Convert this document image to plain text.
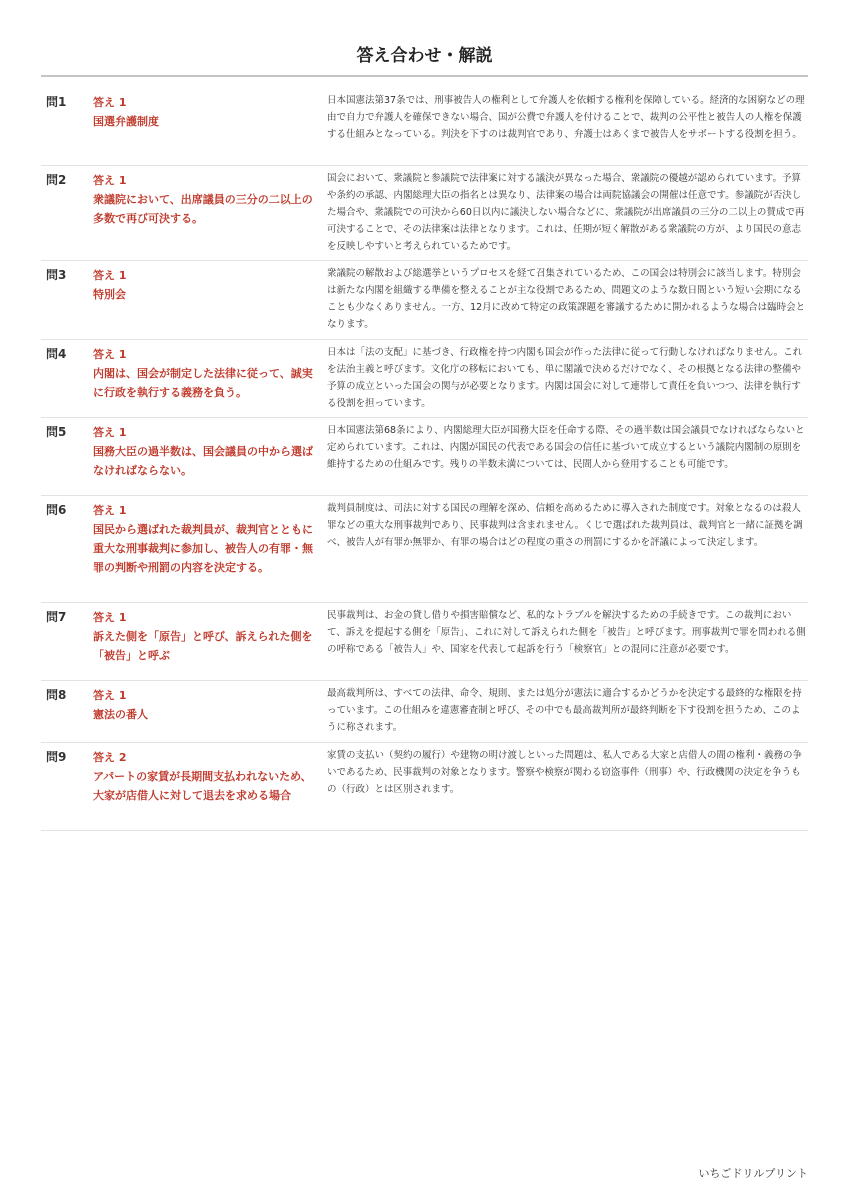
答え合わせ・解説
問1	答え 1
国選弁護制度
日本国憲法第37条では、刑事被告人の権利として弁護人を依頼する権利を保障している。経済的な困窮などの理由で自力で弁護人を確保できない場合、国が公費で弁護人を付けることで、裁判の公平性と被告人の人権を保護する仕組みとなっている。判決を下すのは裁判官であり、弁護士はあくまで被告人をサポートする役割を担う。
問2	答え 1
衆議院において、出席議員の三分の二以上の多数で再び可決する。
国会において、衆議院と参議院で法律案に対する議決が異なった場合、衆議院の優越が認められています。予算や条約の承認、内閣総理大臣の指名とは異なり、法律案の場合は両院協議会の開催は任意です。参議院が否決した場合や、衆議院での可決から60日以内に議決しない場合などに、衆議院が出席議員の三分の二以上の賛成で再可決することで、その法律案は法律となります。これは、任期が短く解散がある衆議院の方が、より国民の意志を反映しやすいと考えられているためです。
問3	答え 1
特別会
衆議院の解散および総選挙というプロセスを経て召集されているため、この国会は特別会に該当します。特別会は新たな内閣を組織する準備を整えることが主な役割であるため、問題文のような数日間という短い会期になることも少なくありません。一方、12月に改めて特定の政策課題を審議するために開かれるような場合は臨時会となります。
問4	答え 1
内閣は、国会が制定した法律に従って、誠実に行政を執行する義務を負う。
日本は「法の支配」に基づき、行政権を持つ内閣も国会が作った法律に従って行動しなければなりません。これを法治主義と呼びます。文化庁の移転においても、単に閣議で決めるだけでなく、その根拠となる法律の整備や予算の成立といった国会の関与が必要となります。内閣は国会に対して連帯して責任を負いつつ、法律を執行する役割を担っています。
問5	答え 1
国務大臣の過半数は、国会議員の中から選ばなければならない。
日本国憲法第68条により、内閣総理大臣が国務大臣を任命する際、その過半数は国会議員でなければならないと定められています。これは、内閣が国民の代表である国会の信任に基づいて成立するという議院内閣制の原則を維持するための仕組みです。残りの半数未満については、民間人から登用することも可能です。
問6	答え 1
国民から選ばれた裁判員が、裁判官とともに重大な刑事裁判に参加し、被告人の有罪・無罪の判断や刑罰の内容を決定する。
裁判員制度は、司法に対する国民の理解を深め、信頼を高めるために導入された制度です。対象となるのは殺人罪などの重大な刑事裁判であり、民事裁判は含まれません。くじで選ばれた裁判員は、裁判官と一緒に証拠を調べ、被告人が有罪か無罪か、有罪の場合はどの程度の重さの刑罰にするかを評議によって決定します。
問7	答え 1
訴えた側を「原告」と呼び、訴えられた側を「被告」と呼ぶ
民事裁判は、お金の貸し借りや損害賠償など、私的なトラブルを解決するための手続きです。この裁判において、訴えを提起する側を「原告」、これに対して訴えられた側を「被告」と呼びます。刑事裁判で罪を問われる側の呼称である「被告人」や、国家を代表して起訴を行う「検察官」との混同に注意が必要です。
問8	答え 1
憲法の番人
最高裁判所は、すべての法律、命令、規則、または処分が憲法に適合するかどうかを決定する最終的な権限を持っています。この仕組みを違憲審査制と呼び、その中でも最高裁判所が最終判断を下す役割を担うため、このように称されます。
問9	答え 2
アパートの家賃が長期間支払われないため、大家が店借人に対して退去を求める場合
家賃の支払い（契約の履行）や建物の明け渡しといった問題は、私人である大家と店借人の間の権利・義務の争いであるため、民事裁判の対象となります。警察や検察が関わる窃盗事件（刑事）や、行政機関の決定を争うもの（行政）とは区別されます。
いちごドリルプリント
